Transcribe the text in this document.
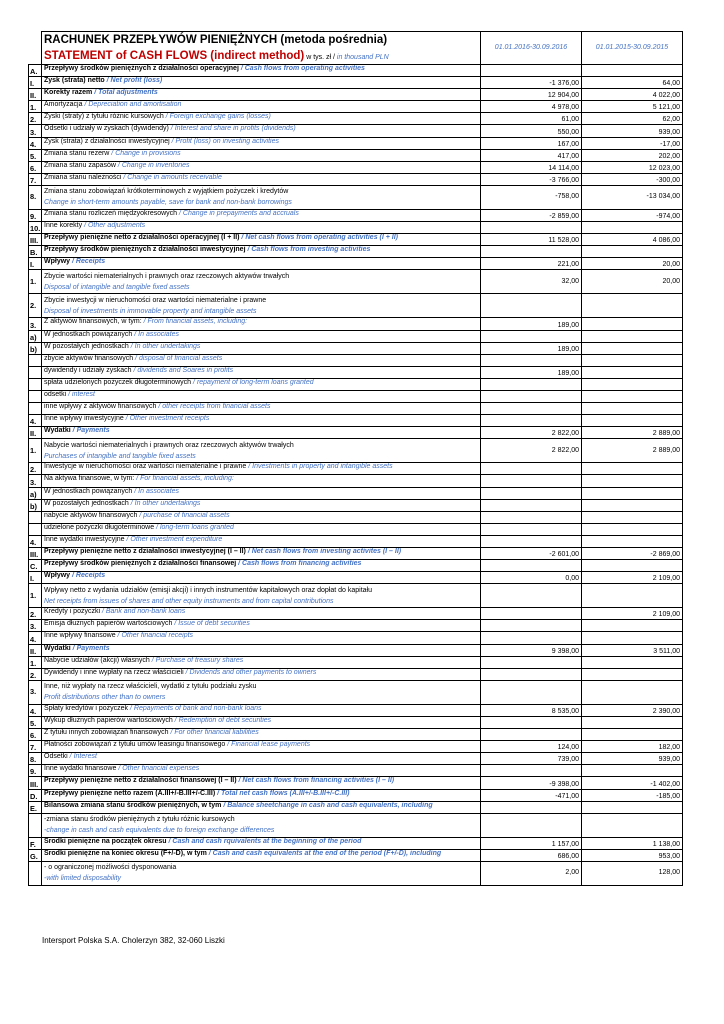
	RACHUNEK PRZEPŁYWÓW PIENIĘŻNYCH (metoda pośrednia)
STATEMENT of CASH FLOWS (indirect method) w tys. zł / in thousand PLN	01.01.2016-30.09.2016	01.01.2015-30.09.2015
A.	Przepływy środków pieniężnych z działalności operacyjnej / Cash flows from operating activities		
I.	Zysk (strata) netto / Net profit (loss)	-1 376,00	64,00
II.	Korekty razem / Total adjustments	12 904,00	4 022,00
1.	Amortyzacja / Depreciation and amortisation	4 978,00	5 121,00
2.	Zyski (straty) z tytułu różnic kursowych / Foreign exchange gains (losses)	61,00	62,00
3.	Odsetki i udziały w zyskach (dywidendy) / Interest and share in profits (dividends)	550,00	939,00
4.	Zysk (strata) z działalności inwestycyjnej / Profit (loss) on investing activities	167,00	-17,00
5.	Zmiana stanu rezerw / Change in provisions	417,00	202,00
6.	Zmiana stanu zapasów / Change in inventories	14 114,00	12 023,00
7.	Zmiana stanu należności / Change in amounts receivable	-3 766,00	-300,00
8.	Zmiana stanu zobowiązań krótkoterminowych z wyjątkiem pożyczek i kredytów
Change in short-term amounts payable, save for bank and non-bank borrowings	-758,00	-13 034,00
9.	Zmiana stanu rozliczeń międzyokresowych / Change in prepayments and accruals	-2 859,00	-974,00
10.	Inne korekty / Other adjustments		
III.	Przepływy pieniężne netto z działalności operacyjnej (I + II) / Net cash flows from operating activities (I + II)	11 528,00	4 086,00
B.	Przepływy środków pieniężnych z działalności inwestycyjnej / Cash flows from investing activities		
I.	Wpływy / Receipts	221,00	20,00
1.	Zbycie wartości niematerialnych i prawnych oraz rzeczowych aktywów trwałych
Disposal of intangible and tangible fixed assets	32,00	20,00
2.	Zbycie inwestycji w nieruchomości oraz wartości niematerialne i prawne
Disposal of investments in immovable property and intangible assets		

3.	Z aktywów finansowych, w tym: / From financial assets, including:	189,00	
a)	W jednostkach powiązanych / In associates		
b)	W pozostałych jednostkach / In other undertakings	189,00	
	zbycie aktywów finansowych / disposal of financial assets		
	dywidendy i udziały zyskach / dividends and Soares in profits	189,00	
	spłata udzielonych pożyczek długoterminowych / repayment of long-term loans granted		
	odsetki / interest		
	inne wpływy z aktywów finansowych / other receipts from financial assets		
4.	Inne wpływy inwestycyjne / Other investment receipts		
II.	Wydatki / Payments	2 822,00	2 889,00
1.	Nabycie wartości niematerialnych i prawnych oraz rzeczowych aktywów trwałych
Purchases of intangible and tangible fixed assets	2 822,00	2 889,00
2.	Inwestycje w nieruchomości oraz wartości niematerialne i prawne / Investments in property and intangible assets		
3.	Na aktywa finansowe, w tym: / For financial assets, including:		
a)	W jednostkach powiązanych / In associates		
b)	W pozostałych jednostkach / In other undertakings		
	nabycie aktywów finansowych / purchase of financial assets		
	udzielone pożyczki długoterminowe / long-term loans granted		
4.	Inne wydatki inwestycyjne / Other investment expenditure		
III.	Przepływy pieniężne netto z działalności inwestycyjnej (I – II) / Net cash flows from investing activites (I – II)	-2 601,00	-2 869,00
C.	Przepływy środków pieniężnych z działalności finansowej / Cash flows from financing activities		
I.	Wpływy / Receipts	0,00	2 109,00
1.	Wpływy netto z wydania udziałów (emisji akcji) i innych instrumentów kapitałowych oraz dopłat do kapitału
Net receipts from issues of shares and other equity instruments and from capital contributions		

2.	Kredyty i pożyczki / Bank and non-bank loans		2 109,00
3.	Emisja dłużnych papierów wartościowych / Issue of debt securities		
4.	Inne wpływy finansowe / Other financial receipts		
II.	Wydatki / Payments	9 398,00	3 511,00
1.	Nabycie udziałów (akcji) własnych / Purchase of treasury shares		
2.	Dywidendy i inne wypłaty na rzecz właścicieli / Dividends and other payments to owners		
3.	Inne, niż wypłaty na rzecz właścicieli, wydatki z tytułu podziału zysku
Profit distributions other than to owners		

4.	Spłaty kredytów i pożyczek / Repayments of bank and non-bank loans	8 535,00	2 390,00
5.	Wykup dłużnych papierów wartościowych / Redemption of debt securities		
6.	Z tytułu innych zobowiązań finansowych / For other financial liabilities		
7.	Płatności zobowiązań z tytułu umów leasingu finansowego / Financial lease payments	124,00	182,00
8.	Odsetki / Interest	739,00	939,00
9.	Inne wydatki finansowe / Other financial expenses		
III.	Przepływy pieniężne netto z działalności finansowej (I – II) / Net cash flows from financing activities (I – II)	-9 398,00	-1 402,00
D.	Przepływy pieniężne netto razem (A.III+/-B.III+/-C.III) / Total net cash flows (A.III+/-B.III+/-C.III)	-471,00	-185,00
E.	Bilansowa zmiana stanu środków pieniężnych, w tym / Balance sheetchange in cash and cash equivalents, including		

	-zmiana stanu środków pieniężnych z tytułu różnic kursowych
-change in cash and cash equivalents due to foreign exchange differences		

F.	Środki pieniężne na początek okresu / Cash and cash rquivalents at the beginning of the period	1 157,00	1 138,00
G.	Środki pieniężne na koniec okresu (F+/-D), w tym / Cash and cash equivalents at the end of the period (F+/-D), including	686,00	953,00

	- o ograniczonej możliwości dysponowania
-with limited disposability	2,00	128,00
Intersport Polska S.A. Cholerzyn 382, 32-060 Liszki
